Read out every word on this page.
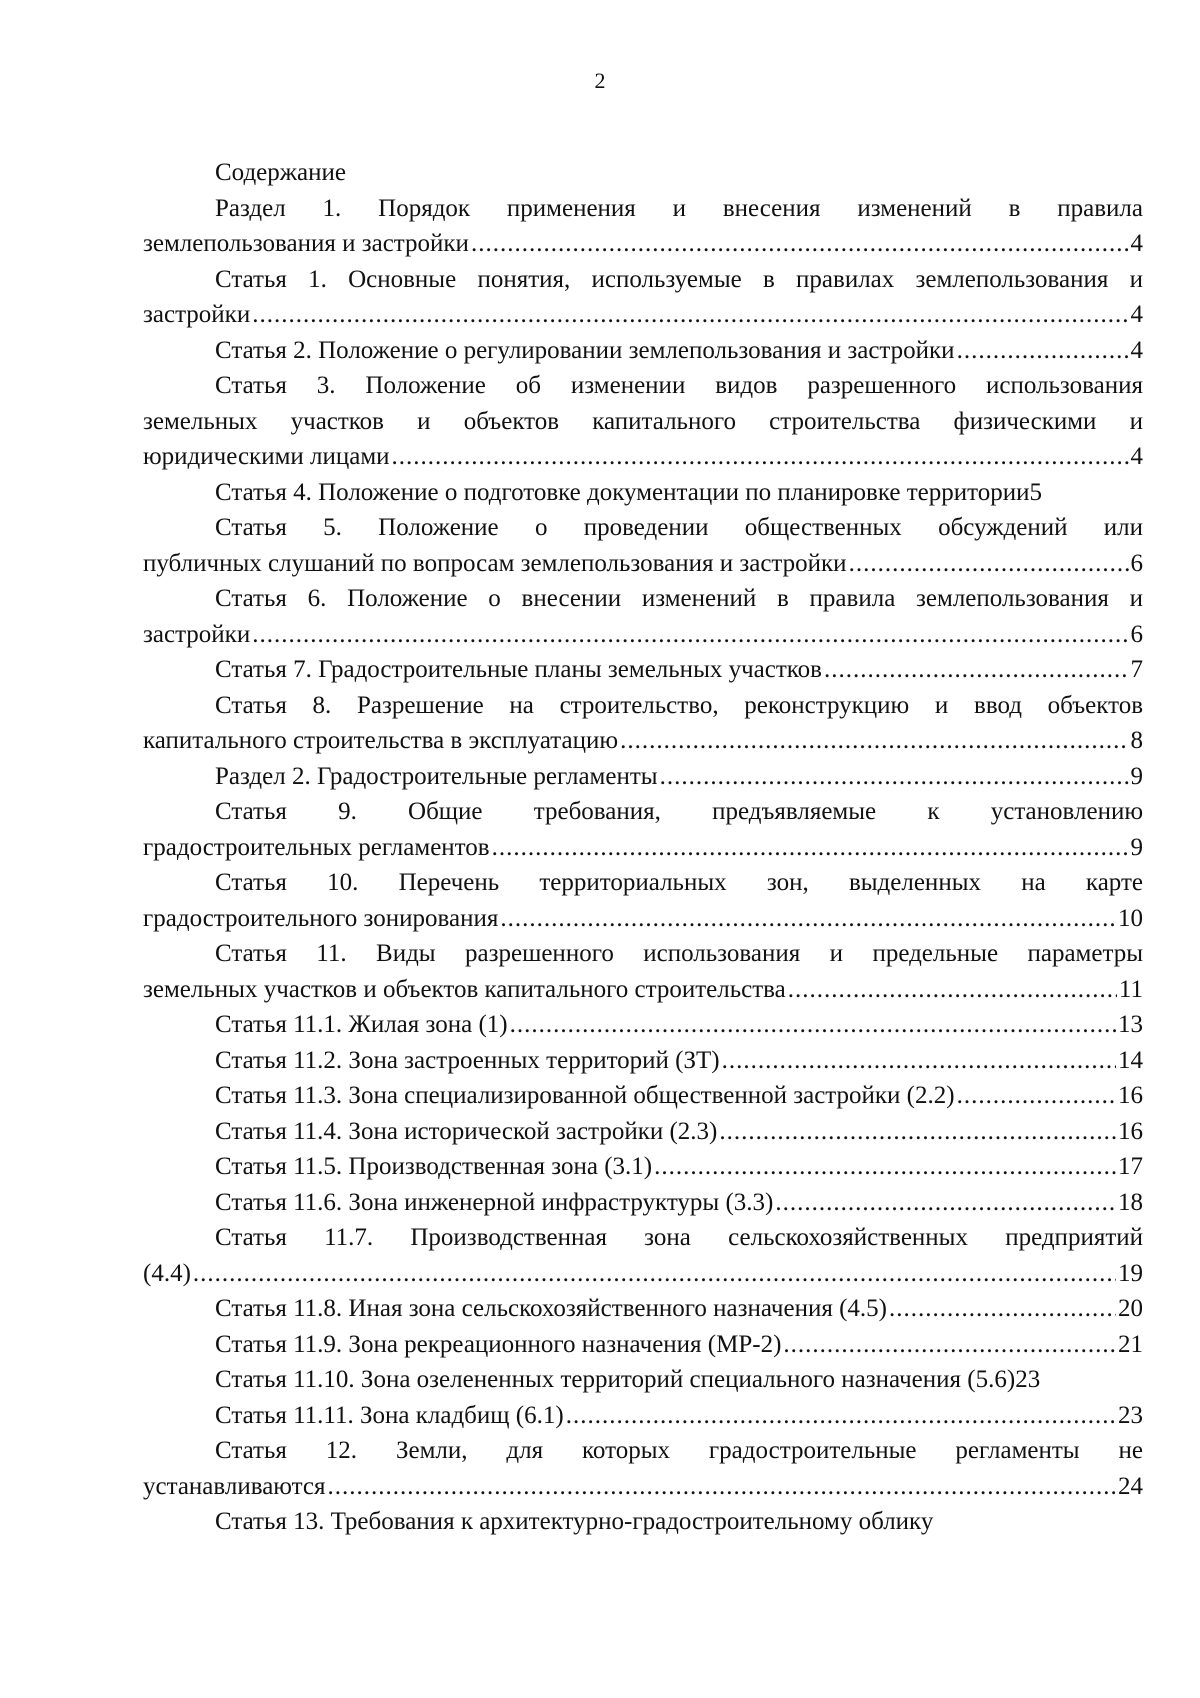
2
Содержание
Раздел 1. Порядок применения и внесения изменений в правила
землепользования и застройки .....	4
Статья 1. Основные понятия, используемые в правилах землепользования и
застройки .....	4
Статья 2. Положение о регулировании землепользования и застройки .....	4
Статья 3. Положение об изменении видов разрешенного использования
земельных участков и объектов капитального строительства физическими и
юридическими лицами .....	4
Статья 4. Положение о подготовке документации по планировке территории 5
Статья 5. Положение о проведении общественных обсуждений или
публичных слушаний по вопросам землепользования и застройки .....	6
Статья 6. Положение о внесении изменений в правила землепользования и
застройки .....	6
Статья 7. Градостроительные планы земельных участков .....	7
Статья 8. Разрешение на строительство, реконструкцию и ввод объектов
капитального строительства в эксплуатацию .....	8
Раздел 2. Градостроительные регламенты .....	9
Статья 9. Общие требования, предъявляемые к установлению
градостроительных регламентов .....	9
Статья 10. Перечень территориальных зон, выделенных на карте
градостроительного зонирования .....	10
Статья 11. Виды разрешенного использования и предельные параметры
земельных участков и объектов капитального строительства .....	11
Статья 11.1. Жилая зона (1) .....	13
Статья 11.2. Зона застроенных территорий (ЗТ) .....	14
Статья 11.3. Зона специализированной общественной застройки (2.2) .....	16
Статья 11.4. Зона исторической застройки (2.3) .....	16
Статья 11.5. Производственная зона (3.1) .....	17
Статья 11.6. Зона инженерной инфраструктуры (3.3) .....	18
Статья 11.7. Производственная зона сельскохозяйственных предприятий
(4.4) .....	19
Статья 11.8. Иная зона сельскохозяйственного назначения (4.5) .....	20
Статья 11.9. Зона рекреационного назначения (МР-2) .....	21
Статья 11.10. Зона озелененных территорий специального назначения (5.6) 23
Статья 11.11. Зона кладбищ (6.1) .....	23
Статья 12. Земли, для которых градостроительные регламенты не
устанавливаются .....	24
Статья 13. Требования к архитектурно-градостроительному облику
